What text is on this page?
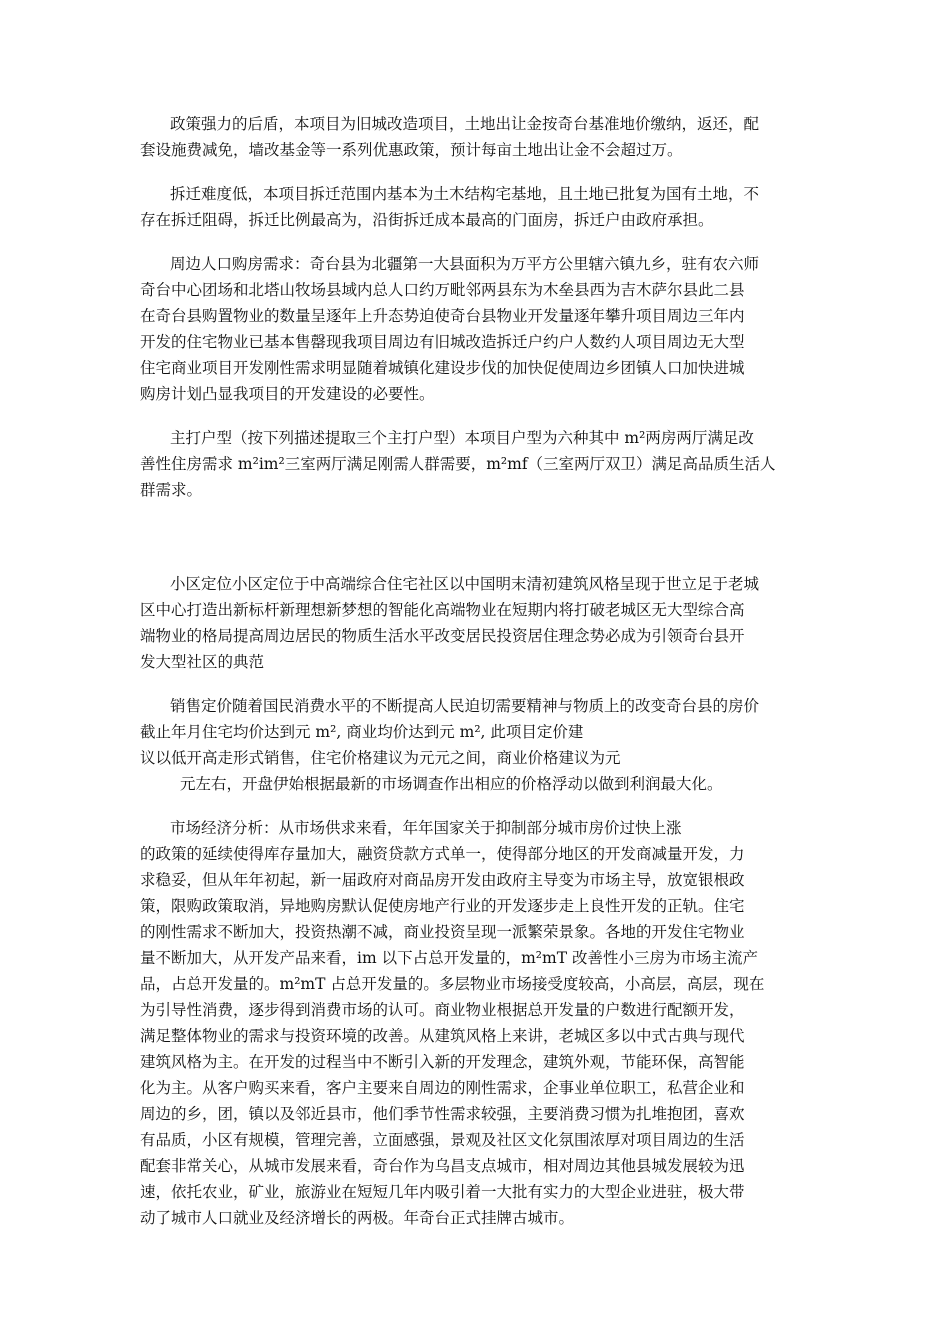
政策强力的后盾，本项目为旧城改造项目，土地出让金按奇台基准地价缴纳，返还，配
套设施费减免，墙改基金等一系列优惠政策，预计每亩土地出让金不会超过万。
拆迁难度低，本项目拆迁范围内基本为土木结构宅基地，且土地已批复为国有土地，不
存在拆迁阻碍，拆迁比例最高为，沿街拆迁成本最高的门面房，拆迁户由政府承担。
周边人口购房需求：奇台县为北疆第一大县面积为万平方公里辖六镇九乡，驻有农六师
奇台中心团场和北塔山牧场县域内总人口约万毗邻两县东为木垒县西为吉木萨尔县此二县
在奇台县购置物业的数量呈逐年上升态势迫使奇台县物业开发量逐年攀升项目周边三年内
开发的住宅物业已基本售罄现我项目周边有旧城改造拆迁户约户人数约人项目周边无大型
住宅商业项目开发刚性需求明显随着城镇化建设步伐的加快促使周边乡团镇人口加快进城
购房计划凸显我项目的开发建设的必要性。
主打户型（按下列描述提取三个主打户型）本项目户型为六种其中 m²两房两厅满足改
善性住房需求 m²im²三室两厅满足刚需人群需要，m²mf（三室两厅双卫）满足高品质生活人
群需求。
小区定位小区定位于中高端综合住宅社区以中国明末清初建筑风格呈现于世立足于老城
区中心打造出新标杆新理想新梦想的智能化高端物业在短期内将打破老城区无大型综合高
端物业的格局提高周边居民的物质生活水平改变居民投资居住理念势必成为引领奇台县开
发大型社区的典范
销售定价随着国民消费水平的不断提高人民迫切需要精神与物质上的改变奇台县的房价
截止年月住宅均价达到元 m², 商业均价达到元 m², 此项目定价建
议以低开高走形式销售，住宅价格建议为元元之间，商业价格建议为元
元左右，开盘伊始根据最新的市场调查作出相应的价格浮动以做到利润最大化。
市场经济分析：从市场供求来看，年年国家关于抑制部分城市房价过快上涨
的政策的延续使得库存量加大，融资贷款方式单一，使得部分地区的开发商减量开发，力
求稳妥，但从年年初起，新一届政府对商品房开发由政府主导变为市场主导，放宽银根政
策，限购政策取消，异地购房默认促使房地产行业的开发逐步走上良性开发的正轨。住宅
的刚性需求不断加大，投资热潮不减，商业投资呈现一派繁荣景象。各地的开发住宅物业
量不断加大，从开发产品来看，im 以下占总开发量的，m²mT 改善性小三房为市场主流产
品，占总开发量的。m²mT 占总开发量的。多层物业市场接受度较高，小高层，高层，现在
为引导性消费，逐步得到消费市场的认可。商业物业根据总开发量的户数进行配额开发，
满足整体物业的需求与投资环境的改善。从建筑风格上来讲，老城区多以中式古典与现代
建筑风格为主。在开发的过程当中不断引入新的开发理念，建筑外观，节能环保，高智能
化为主。从客户购买来看，客户主要来自周边的刚性需求，企事业单位职工，私营企业和
周边的乡，团，镇以及邻近县市，他们季节性需求较强，主要消费习惯为扎堆抱团，喜欢
有品质，小区有规模，管理完善，立面感强，景观及社区文化氛围浓厚对项目周边的生活
配套非常关心，从城市发展来看，奇台作为乌昌支点城市，相对周边其他县城发展较为迅
速，依托农业，矿业，旅游业在短短几年内吸引着一大批有实力的大型企业进驻，极大带
动了城市人口就业及经济增长的两极。年奇台正式挂牌古城市。
